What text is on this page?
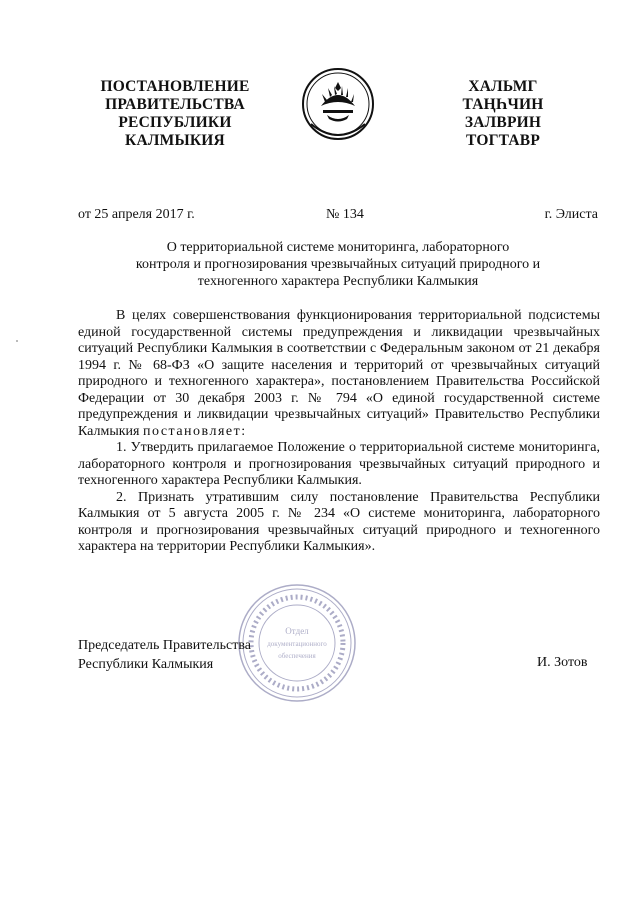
ПОСТАНОВЛЕНИЕ
ПРАВИТЕЛЬСТВА
РЕСПУБЛИКИ
КАЛМЫКИЯ
ХАЛЬМГ
ТАҢҺЧИН
ЗАЛВРИН
ТОГТАВР
от 25 апреля 2017 г.	№ 134	г. Элиста
О территориальной системе мониторинга, лабораторного
контроля и прогнозирования чрезвычайных ситуаций природного и
техногенного характера Республики Калмыкия

В целях совершенствования функционирования территориальной подсистемы единой государственной системы предупреждения и ликвидации чрезвычайных ситуаций Республики Калмыкия в соответствии с Федеральным законом от 21 декабря 1994 г. № 68-ФЗ «О защите населения и территорий от чрезвычайных ситуаций природного и техногенного характера», постановлением Правительства Российской Федерации от 30 декабря 2003 г. № 794 «О единой государственной системе предупреждения и ликвидации чрезвычайных ситуаций» Правительство Республики Калмыкия постановляет:

1. Утвердить прилагаемое Положение о территориальной системе мониторинга, лабораторного контроля и прогнозирования чрезвычайных ситуаций природного и техногенного характера Республики Калмыкия.

2. Признать утратившим силу постановление Правительства Республики Калмыкия от 5 августа 2005 г. № 234 «О системе мониторинга, лабораторного контроля и прогнозирования чрезвычайных ситуаций природного и техногенного характера на территории Республики Калмыкия».

Отдел
документационного
обеспечения
Председатель Правительства
Республики Калмыкия	И. Зотов
